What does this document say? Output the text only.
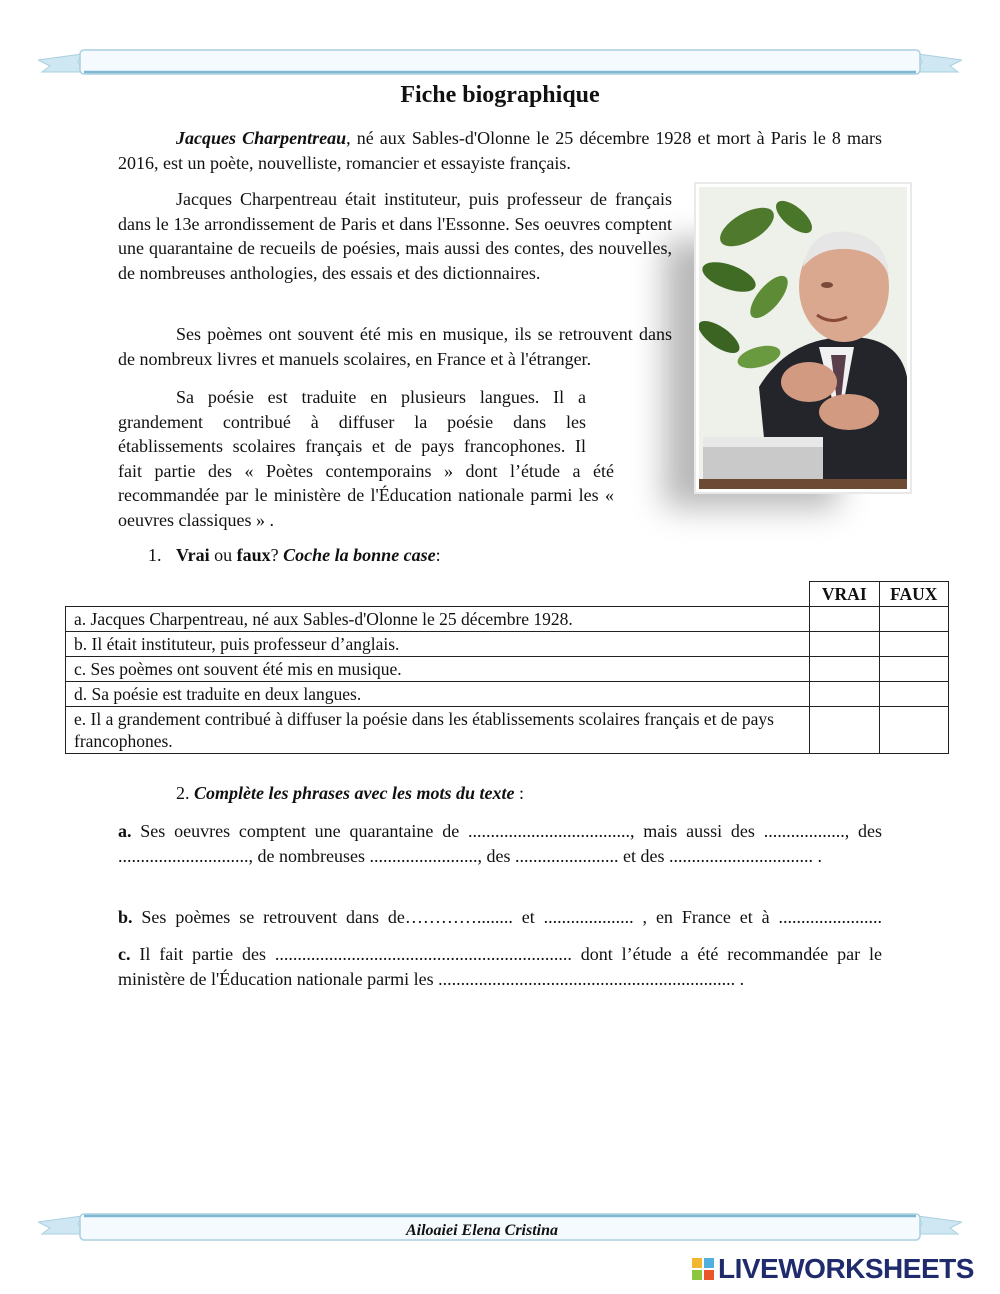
Fiche biographique

Jacques Charpentreau, né aux Sables-d'Olonne le 25 décembre 1928 et mort à Paris le 8 mars 2016, est un poète, nouvelliste, romancier et essayiste français.

Jacques Charpentreau était instituteur, puis professeur de français dans le 13e arrondissement de Paris et dans l'Essonne. Ses oeuvres comptent une quarantaine de recueils de poésies, mais aussi des contes, des nouvelles, de nombreuses anthologies, des essais et des dictionnaires.

Ses poèmes ont souvent été mis en musique, ils se retrouvent dans de nombreux livres et manuels scolaires, en France et à l'étranger.

Sa poésie est traduite en plusieurs langues. Il a
grandement contribué à diffuser la poésie dans les
établissements scolaires français et de pays francophones. Il
fait partie des « Poètes contemporains » dont l’étude a été recommandée par le ministère de l'Éducation nationale parmi les « oeuvres classiques » .
1. Vrai ou faux? Coche la bonne case:
	VRAI	FAUX
a. Jacques Charpentreau, né aux Sables-d'Olonne le 25 décembre 1928.		
b. Il était instituteur, puis professeur d’anglais.		
c. Ses poèmes ont souvent été mis en musique.		
d. Sa poésie est traduite en deux langues.		
e. Il a grandement contribué à diffuser la poésie dans les établissements scolaires français et de pays francophones.		
2. Complète les phrases avec les mots du texte :

a. Ses oeuvres comptent une quarantaine de ...................................., mais aussi des .................., des ............................., de nombreuses ........................, des ....................... et des ................................ .

b. Ses poèmes se retrouvent dans de…………........ et .................... , en France et à .......................

c. Il fait partie des .................................................................. dont l’étude a été recommandée par le ministère de l'Éducation nationale parmi les .................................................................. .

Ailoaiei Elena Cristina
LIVEWORKSHEETS
